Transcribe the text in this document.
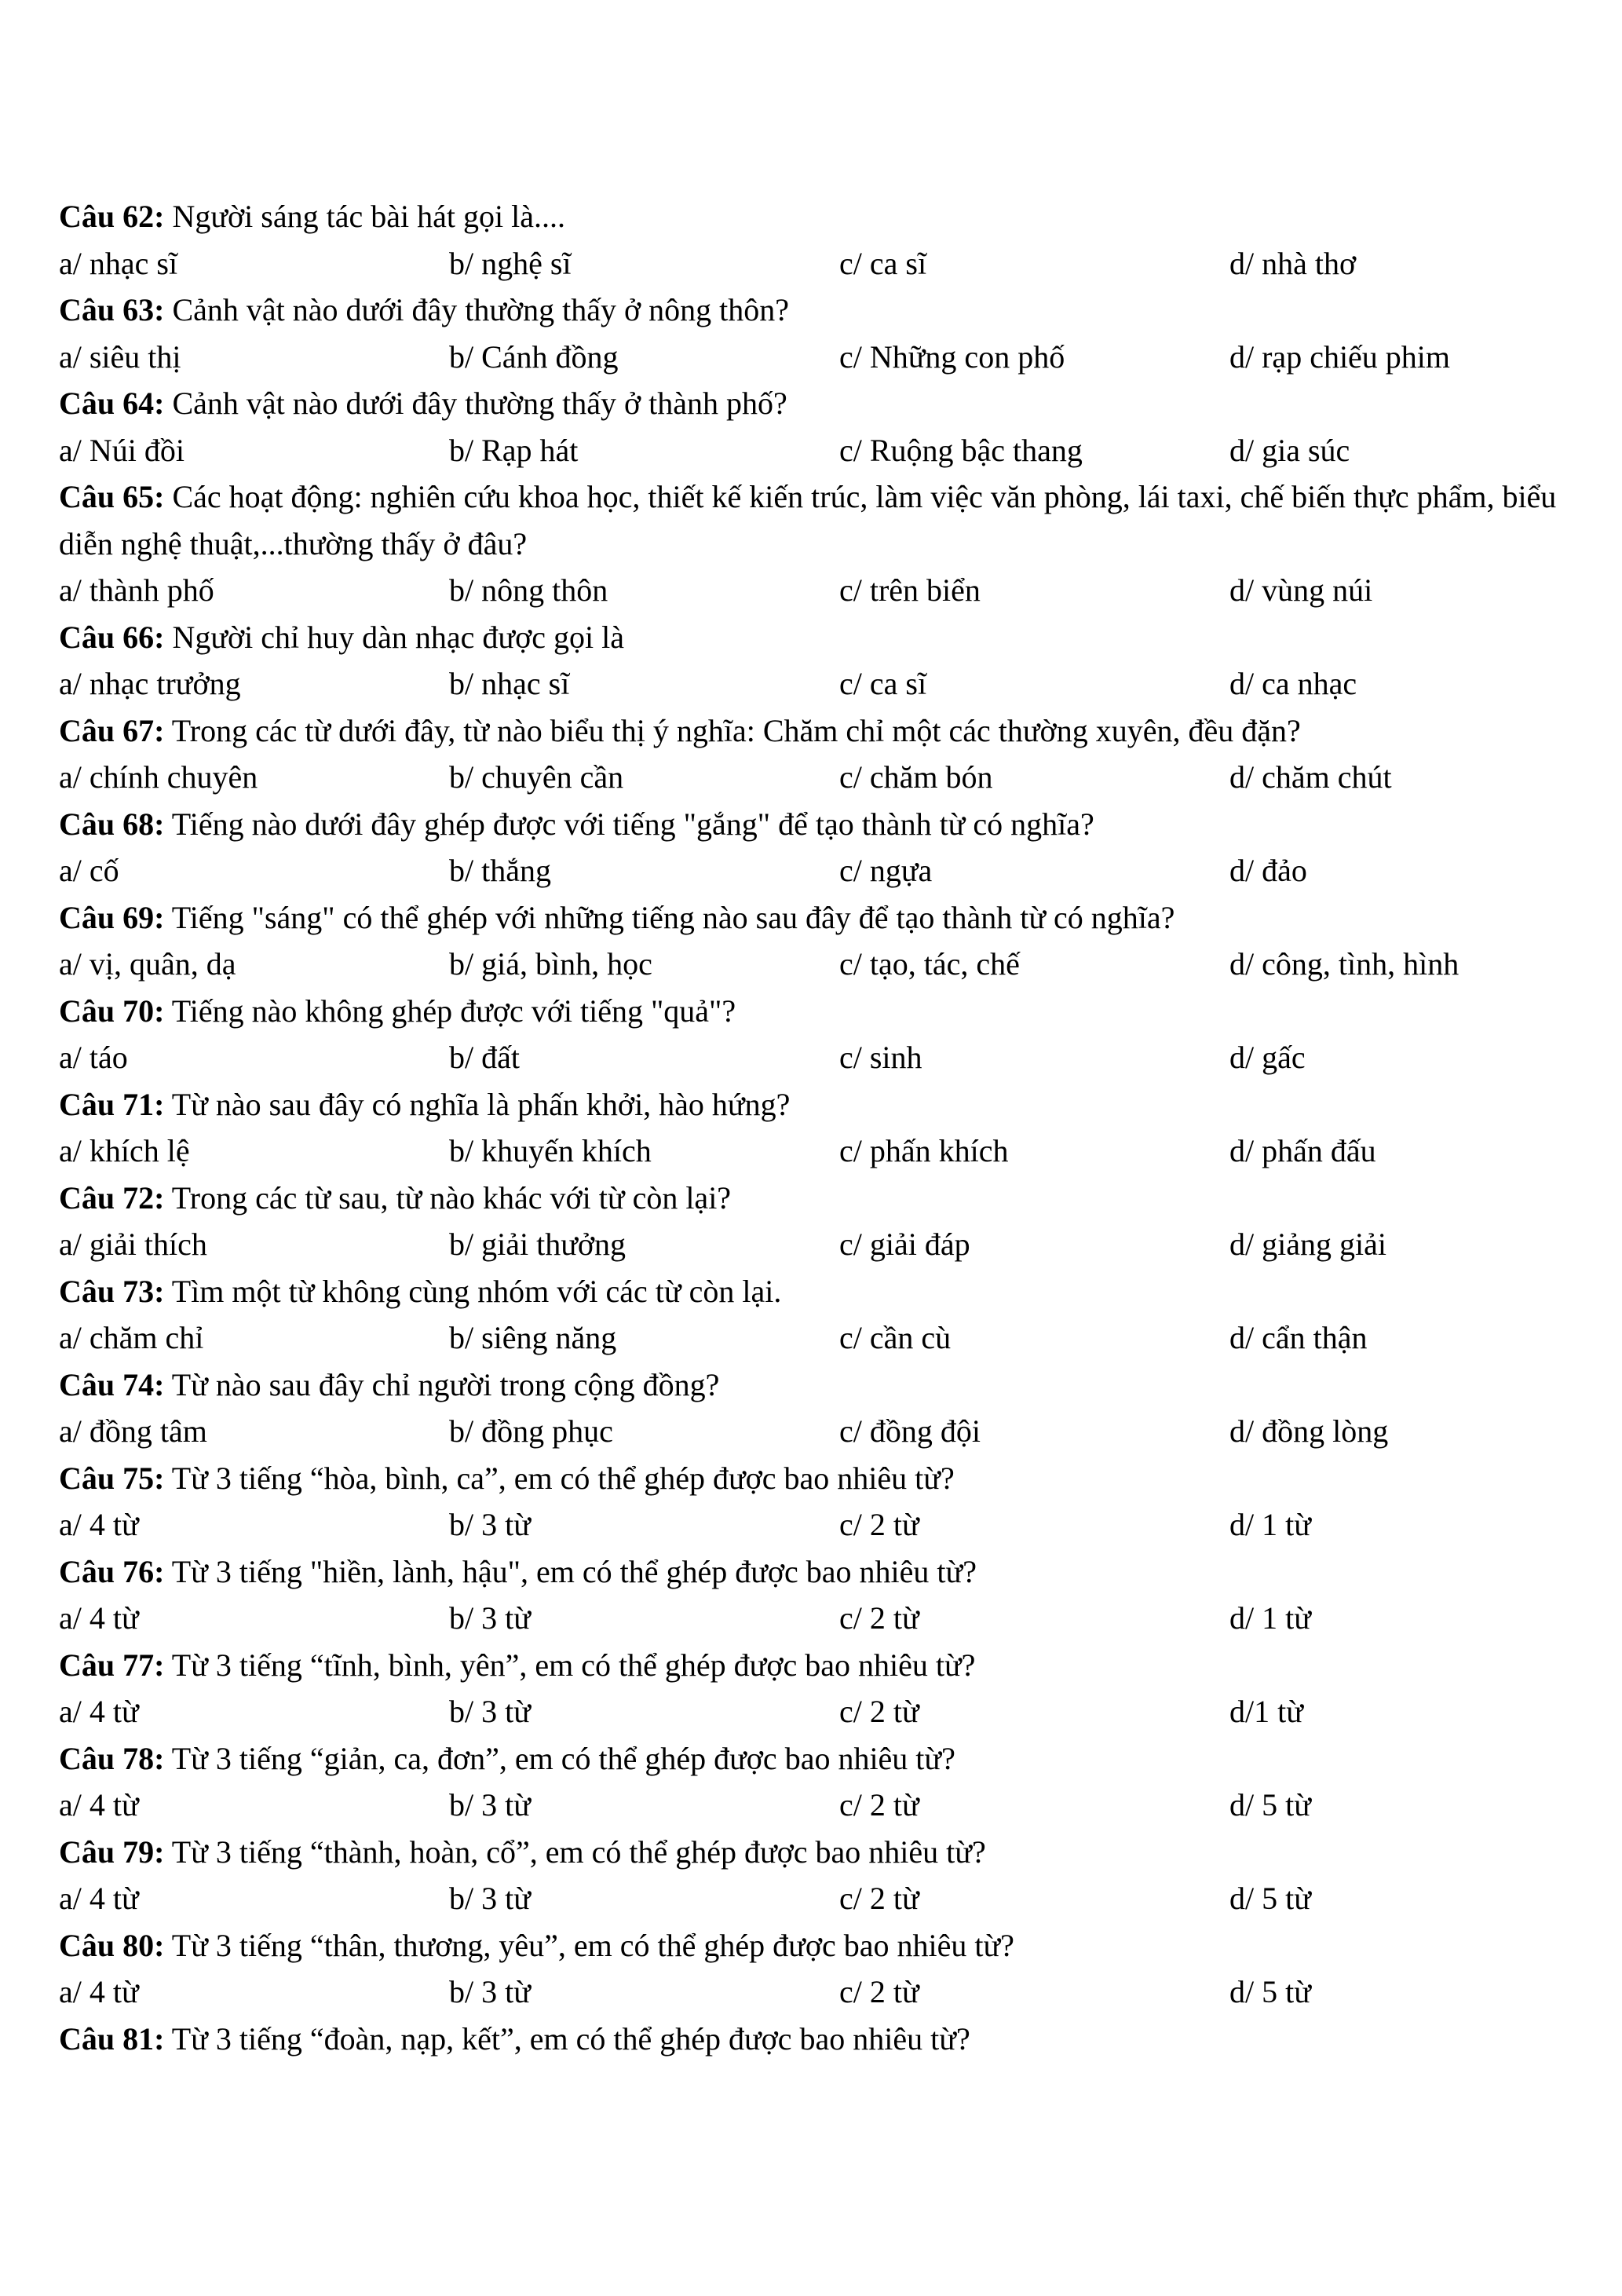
Câu 62: Người sáng tác bài hát gọi là....
a/ nhạc sĩ	b/ nghệ sĩ	c/ ca sĩ	d/ nhà thơ
Câu 63: Cảnh vật nào dưới đây thường thấy ở nông thôn?
a/ siêu thị	b/ Cánh đồng	c/ Những con phố	d/ rạp chiếu phim
Câu 64: Cảnh vật nào dưới đây thường thấy ở thành phố?
a/ Núi đồi	b/ Rạp hát	c/ Ruộng bậc thang	d/ gia súc
Câu 65: Các hoạt động: nghiên cứu khoa học, thiết kế kiến trúc, làm việc văn phòng, lái taxi, chế biến thực phẩm, biểu diễn nghệ thuật,...thường thấy ở đâu?
a/ thành phố	b/ nông thôn	c/ trên biển	d/ vùng núi
Câu 66: Người chỉ huy dàn nhạc được gọi là
a/ nhạc trưởng	b/ nhạc sĩ	c/ ca sĩ	d/ ca nhạc
Câu 67: Trong các từ dưới đây, từ nào biểu thị ý nghĩa: Chăm chỉ một các thường xuyên, đều đặn?
a/ chính chuyên	b/ chuyên cần	c/ chăm bón	d/ chăm chút
Câu 68: Tiếng nào dưới đây ghép được với tiếng "gắng" để tạo thành từ có nghĩa?
a/ cố	b/ thắng	c/ ngựa	d/ đảo
Câu 69: Tiếng "sáng" có thể ghép với những tiếng nào sau đây để tạo thành từ có nghĩa?
a/ vị, quân, dạ	b/ giá, bình, học	c/ tạo, tác, chế	d/ công, tình, hình
Câu 70: Tiếng nào không ghép được với tiếng "quả"?
a/ táo	b/ đất	c/ sinh	d/ gấc
Câu 71: Từ nào sau đây có nghĩa là phấn khởi, hào hứng?
a/ khích lệ	b/ khuyến khích	c/ phấn khích	d/ phấn đấu
Câu 72: Trong các từ sau, từ nào khác với từ còn lại?
a/ giải thích	b/ giải thưởng	c/ giải đáp	d/ giảng giải
Câu 73: Tìm một từ không cùng nhóm với các từ còn lại.
a/ chăm chỉ	b/ siêng năng	c/ cần cù	d/ cẩn thận
Câu 74: Từ nào sau đây chỉ người trong cộng đồng?
a/ đồng tâm	b/ đồng phục	c/ đồng đội	d/ đồng lòng
Câu 75: Từ 3 tiếng “hòa, bình, ca”, em có thể ghép được bao nhiêu từ?
a/ 4 từ	b/ 3 từ	c/ 2 từ	d/ 1 từ
Câu 76: Từ 3 tiếng "hiền, lành, hậu", em có thể ghép được bao nhiêu từ?
a/ 4 từ	b/ 3 từ	c/ 2 từ	d/ 1 từ
Câu 77: Từ 3 tiếng “tĩnh, bình, yên”, em có thể ghép được bao nhiêu từ?
a/ 4 từ	b/ 3 từ	c/ 2 từ	d/1 từ
Câu 78: Từ 3 tiếng “giản, ca, đơn”, em có thể ghép được bao nhiêu từ?
a/ 4 từ	b/ 3 từ	c/ 2 từ	d/ 5 từ
Câu 79: Từ 3 tiếng “thành, hoàn, cổ”, em có thể ghép được bao nhiêu từ?
a/ 4 từ	b/ 3 từ	c/ 2 từ	d/ 5 từ
Câu 80: Từ 3 tiếng “thân, thương, yêu”, em có thể ghép được bao nhiêu từ?
a/ 4 từ	b/ 3 từ	c/ 2 từ	d/ 5 từ
Câu 81: Từ 3 tiếng “đoàn, nạp, kết”, em có thể ghép được bao nhiêu từ?
